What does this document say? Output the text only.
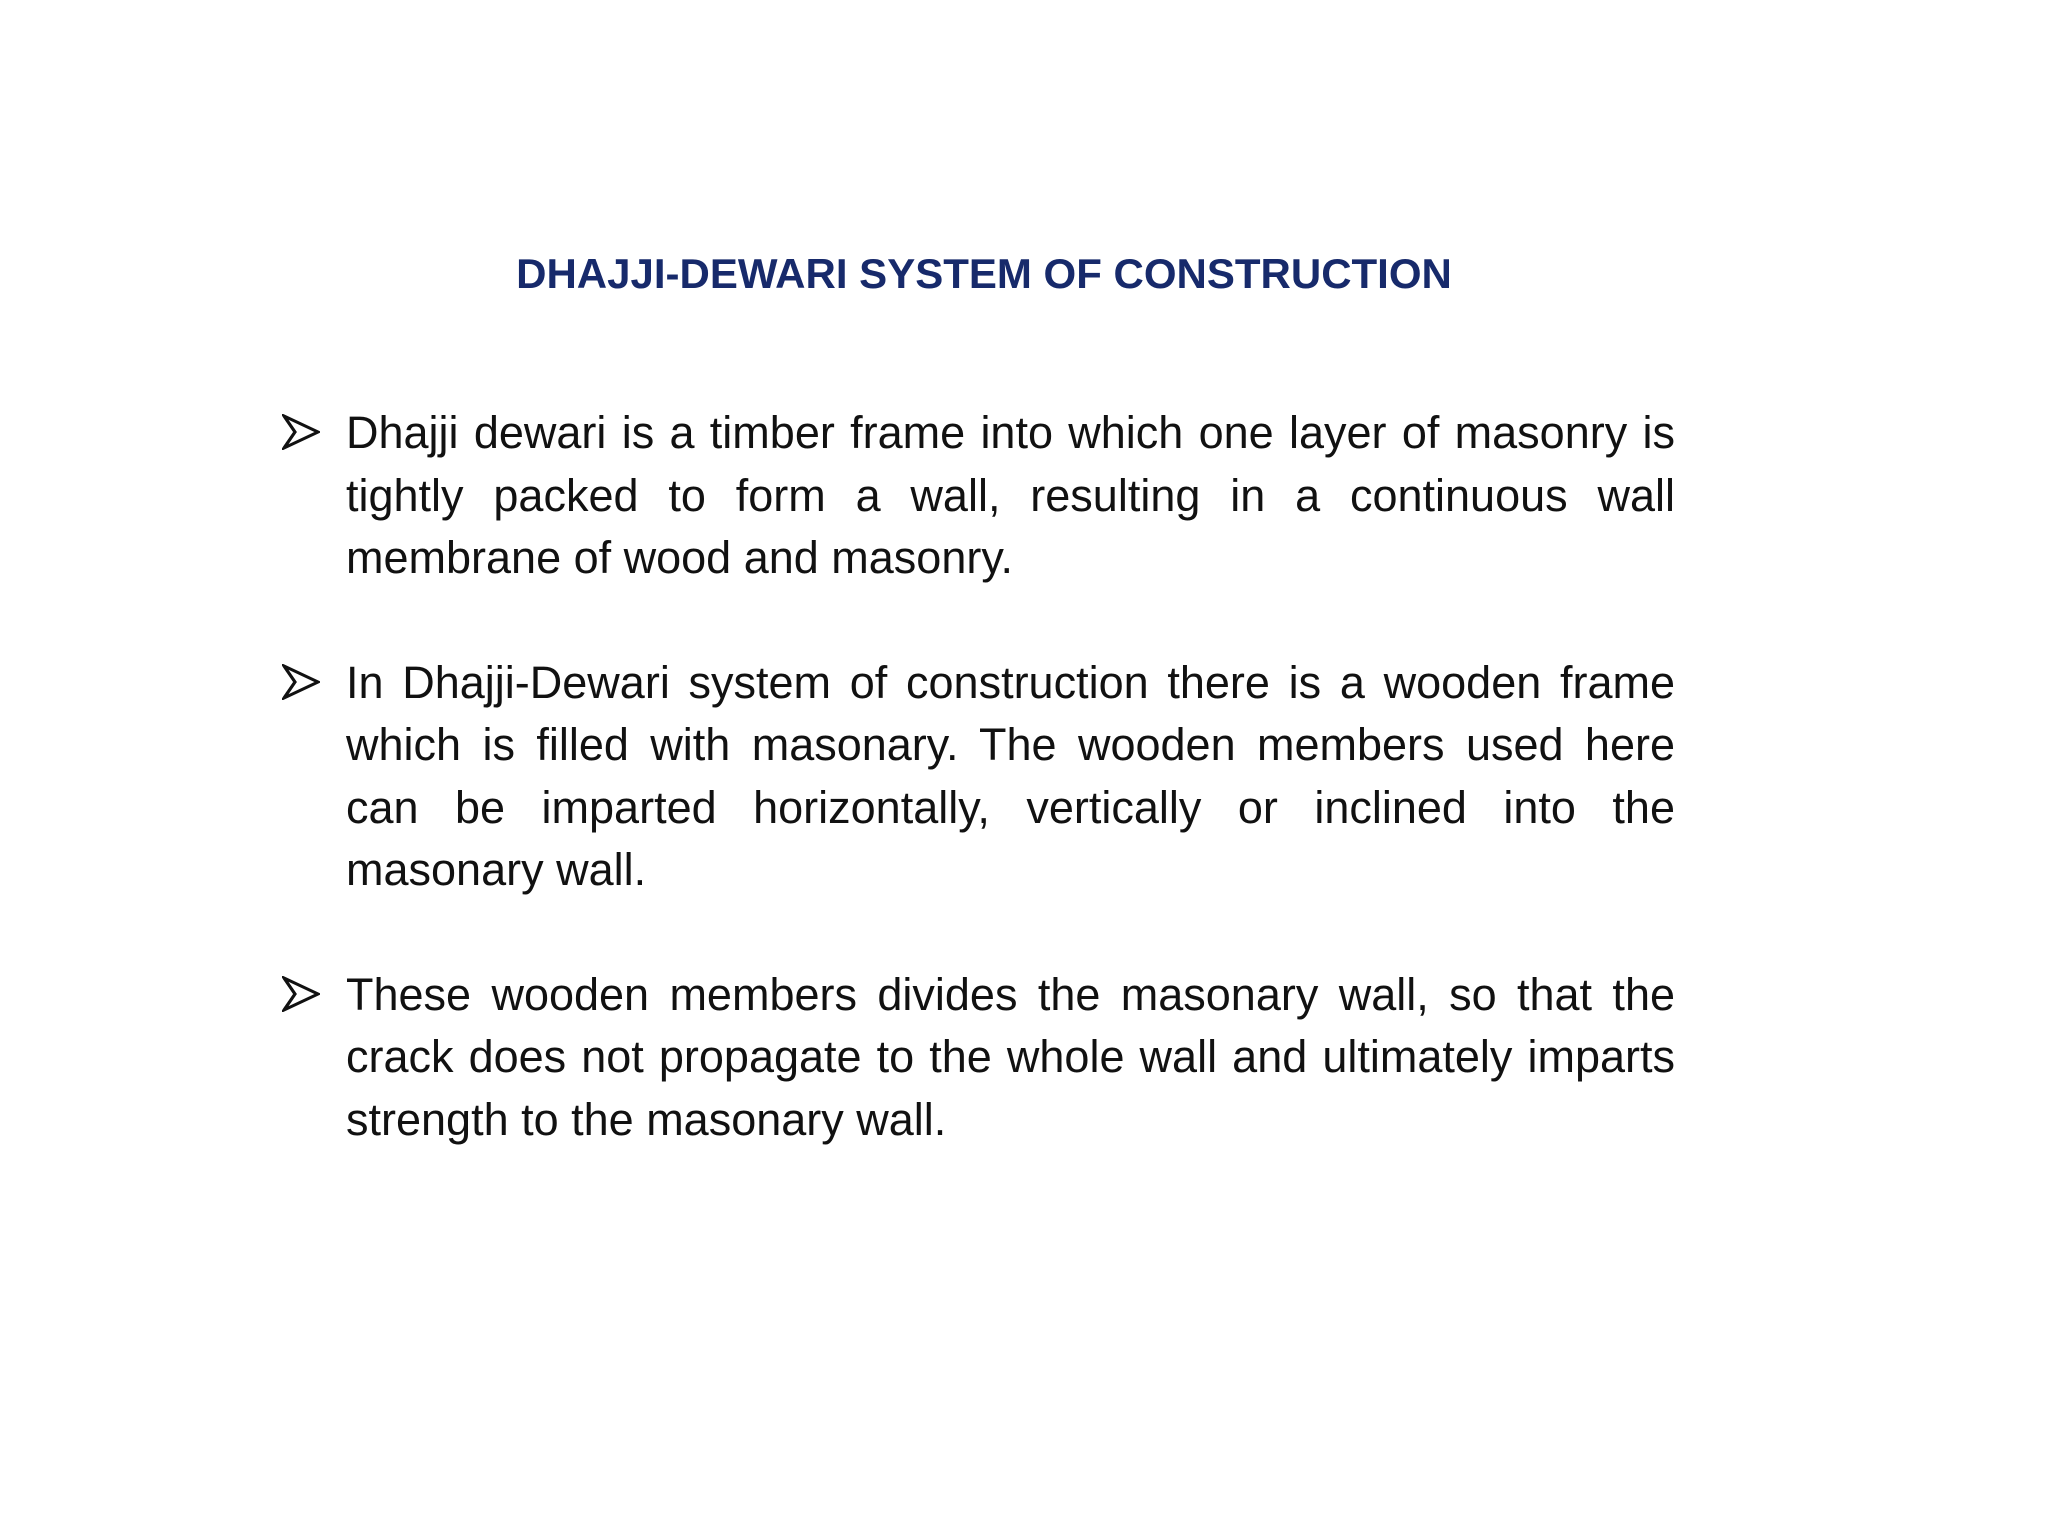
DHAJJI-DEWARI SYSTEM OF CONSTRUCTION
Dhajji dewari is a timber frame into which one layer of masonry is tightly packed to form a wall, resulting in a continuous wall membrane of wood and masonry.
In Dhajji-Dewari system of construction there is a wooden frame which is filled with masonary. The wooden members used here can be imparted horizontally, vertically or inclined into the masonary wall.
These wooden members divides the masonary wall, so that the crack does not propagate to the whole wall and ultimately imparts strength to the masonary wall.
